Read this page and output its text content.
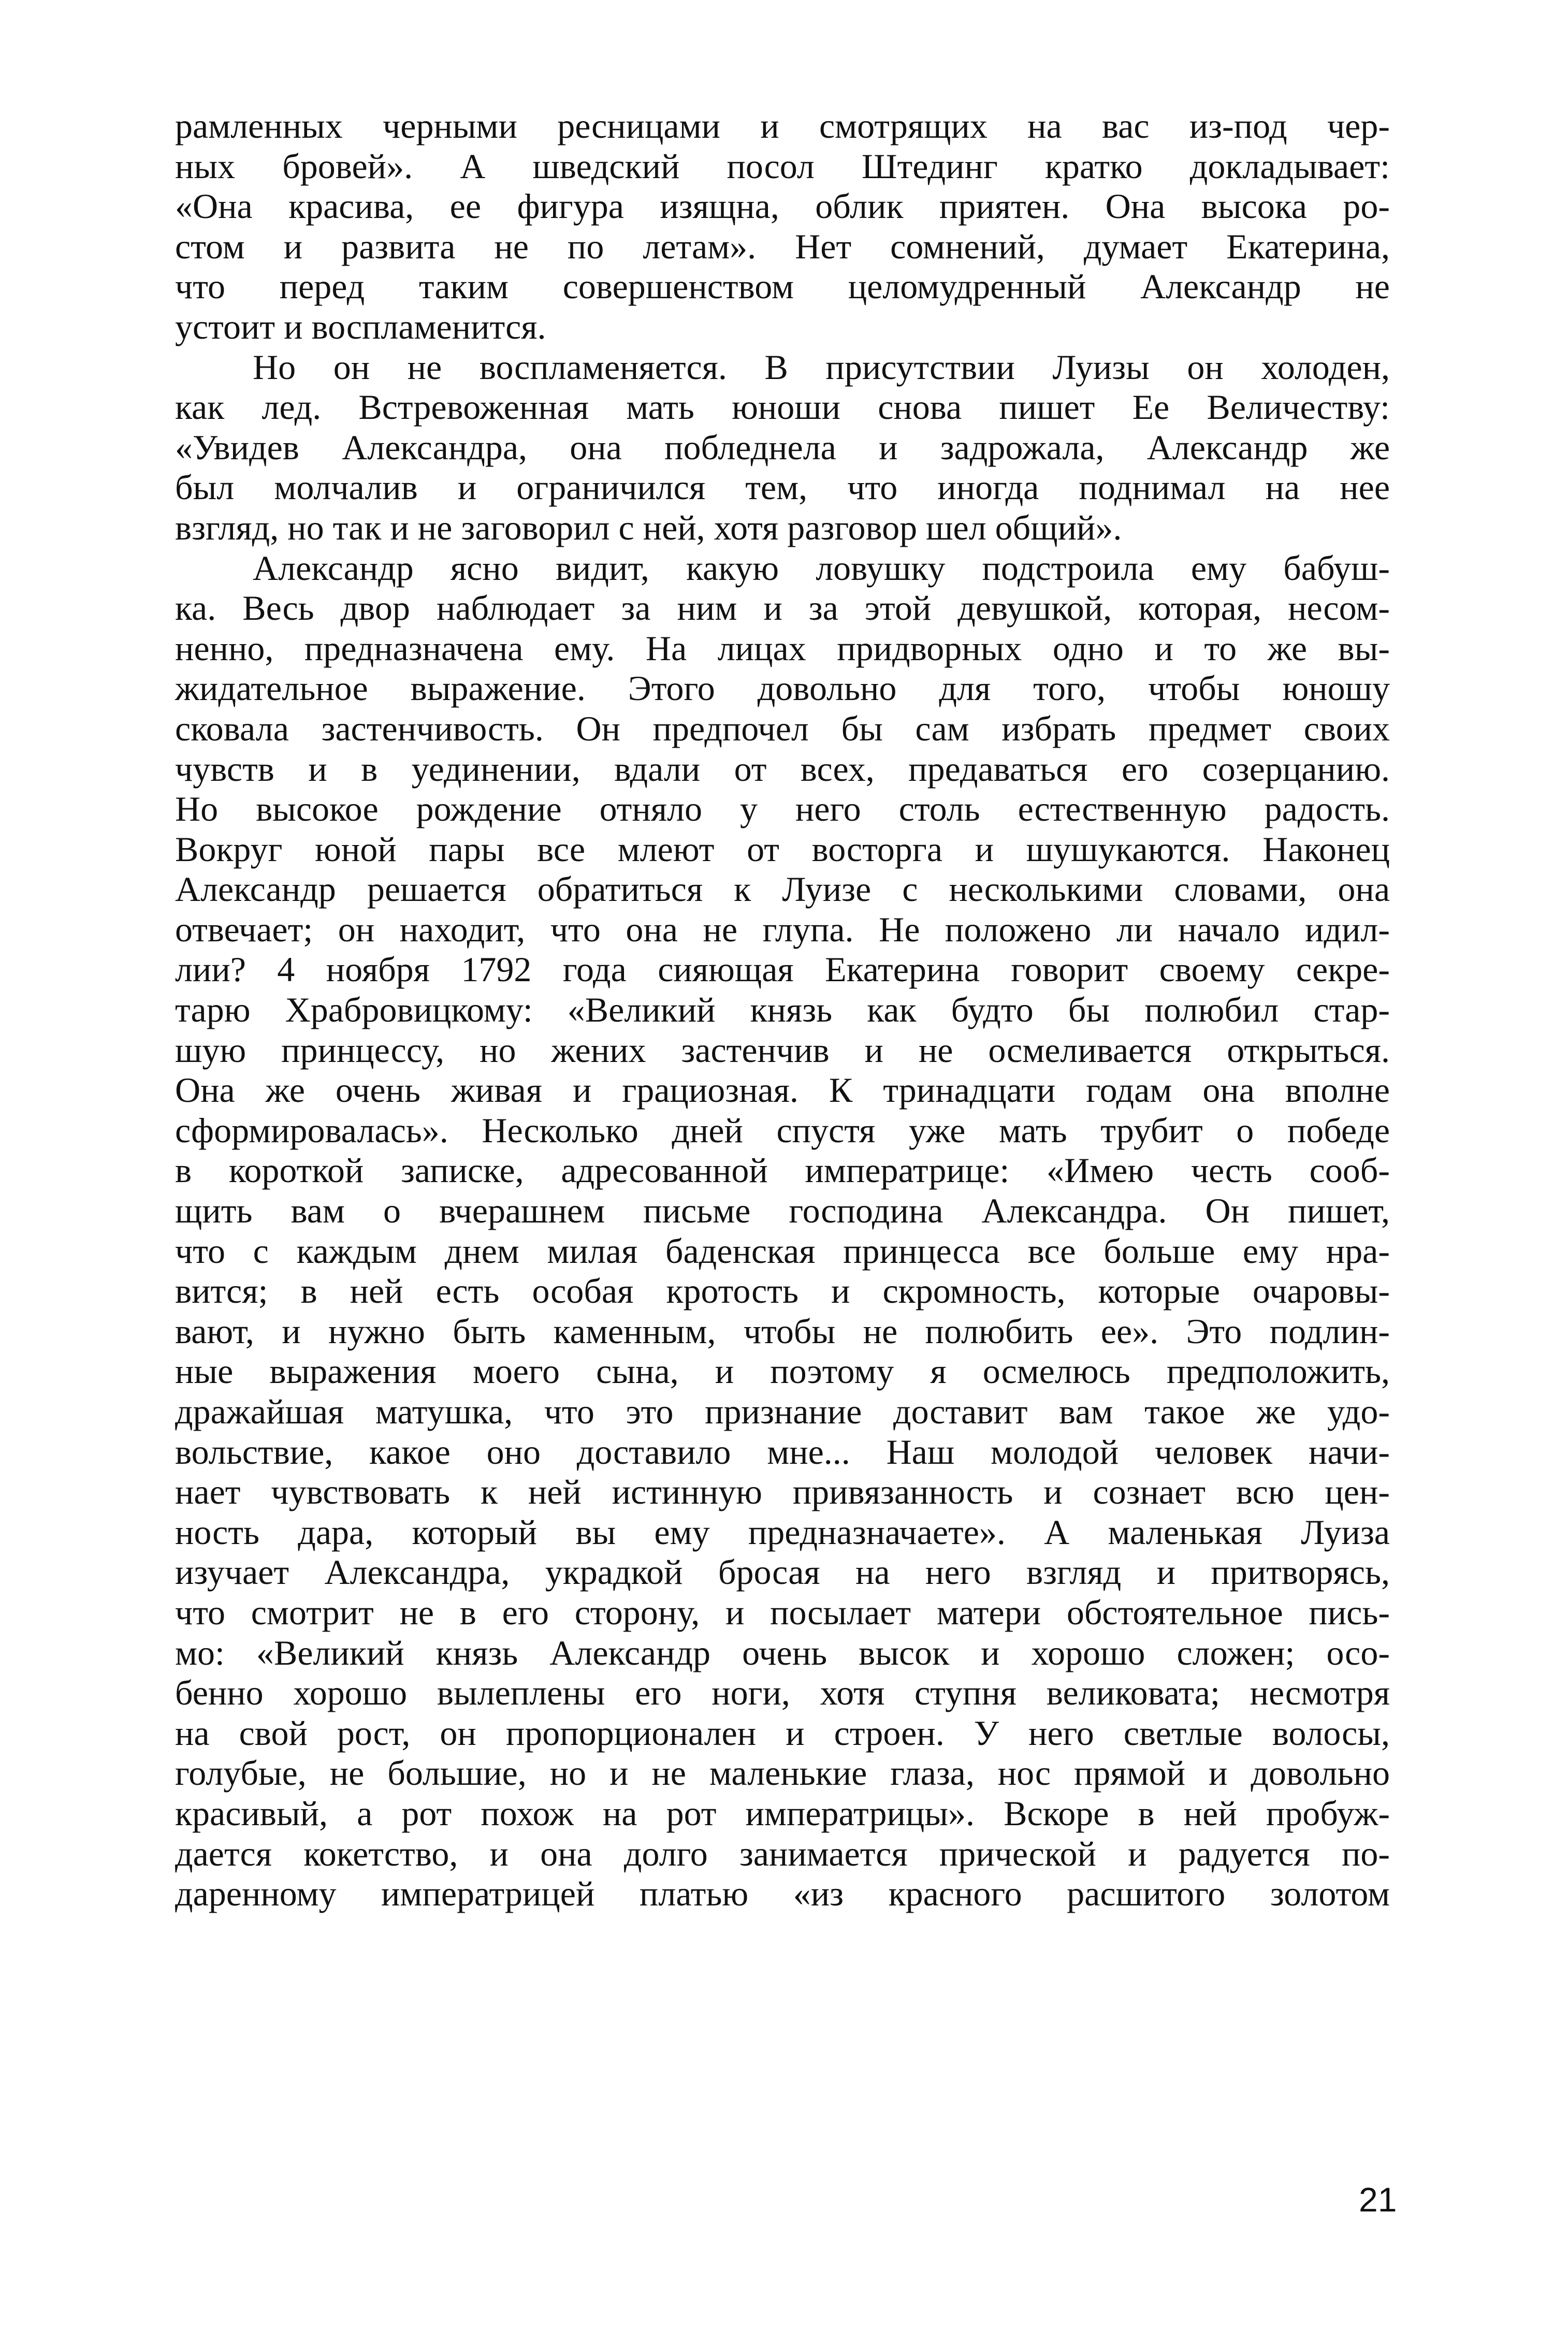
рамленных черными ресницами и смотрящих на вас из-под чер-
ных бровей». А шведский посол Штединг кратко докладывает:
«Она красива, ее фигура изящна, облик приятен. Она высока ро-
стом и развита не по летам». Нет сомнений, думает Екатерина,
что перед таким совершенством целомудренный Александр не
устоит и воспламенится.
Но он не воспламеняется. В присутствии Луизы он холоден,
как лед. Встревоженная мать юноши снова пишет Ее Величеству:
«Увидев Александра, она побледнела и задрожала, Александр же
был молчалив и ограничился тем, что иногда поднимал на нее
взгляд, но так и не заговорил с ней, хотя разговор шел общий».
Александр ясно видит, какую ловушку подстроила ему бабуш-
ка. Весь двор наблюдает за ним и за этой девушкой, которая, несом-
ненно, предназначена ему. На лицах придворных одно и то же вы-
жидательное выражение. Этого довольно для того, чтобы юношу
сковала застенчивость. Он предпочел бы сам избрать предмет своих
чувств и в уединении, вдали от всех, предаваться его созерцанию.
Но высокое рождение отняло у него столь естественную радость.
Вокруг юной пары все млеют от восторга и шушукаются. Наконец
Александр решается обратиться к Луизе с несколькими словами, она
отвечает; он находит, что она не глупа. Не положено ли начало идил-
лии? 4 ноября 1792 года сияющая Екатерина говорит своему секре-
тарю Храбровицкому: «Великий князь как будто бы полюбил стар-
шую принцессу, но жених застенчив и не осмеливается открыться.
Она же очень живая и грациозная. К тринадцати годам она вполне
сформировалась». Несколько дней спустя уже мать трубит о победе
в короткой записке, адресованной императрице: «Имею честь сооб-
щить вам о вчерашнем письме господина Александра. Он пишет,
что с каждым днем милая баденская принцесса все больше ему нра-
вится; в ней есть особая кротость и скромность, которые очаровы-
вают, и нужно быть каменным, чтобы не полюбить ее». Это подлин-
ные выражения моего сына, и поэтому я осмелюсь предположить,
дражайшая матушка, что это признание доставит вам такое же удо-
вольствие, какое оно доставило мне... Наш молодой человек начи-
нает чувствовать к ней истинную привязанность и сознает всю цен-
ность дара, который вы ему предназначаете». А маленькая Луиза
изучает Александра, украдкой бросая на него взгляд и притворясь,
что смотрит не в его сторону, и посылает матери обстоятельное пись-
мо: «Великий князь Александр очень высок и хорошо сложен; осо-
бенно хорошо вылеплены его ноги, хотя ступня великовата; несмотря
на свой рост, он пропорционален и строен. У него светлые волосы,
голубые, не большие, но и не маленькие глаза, нос прямой и довольно
красивый, а рот похож на рот императрицы». Вскоре в ней пробуж-
дается кокетство, и она долго занимается прической и радуется по-
даренному императрицей платью «из красного расшитого золотом
21
